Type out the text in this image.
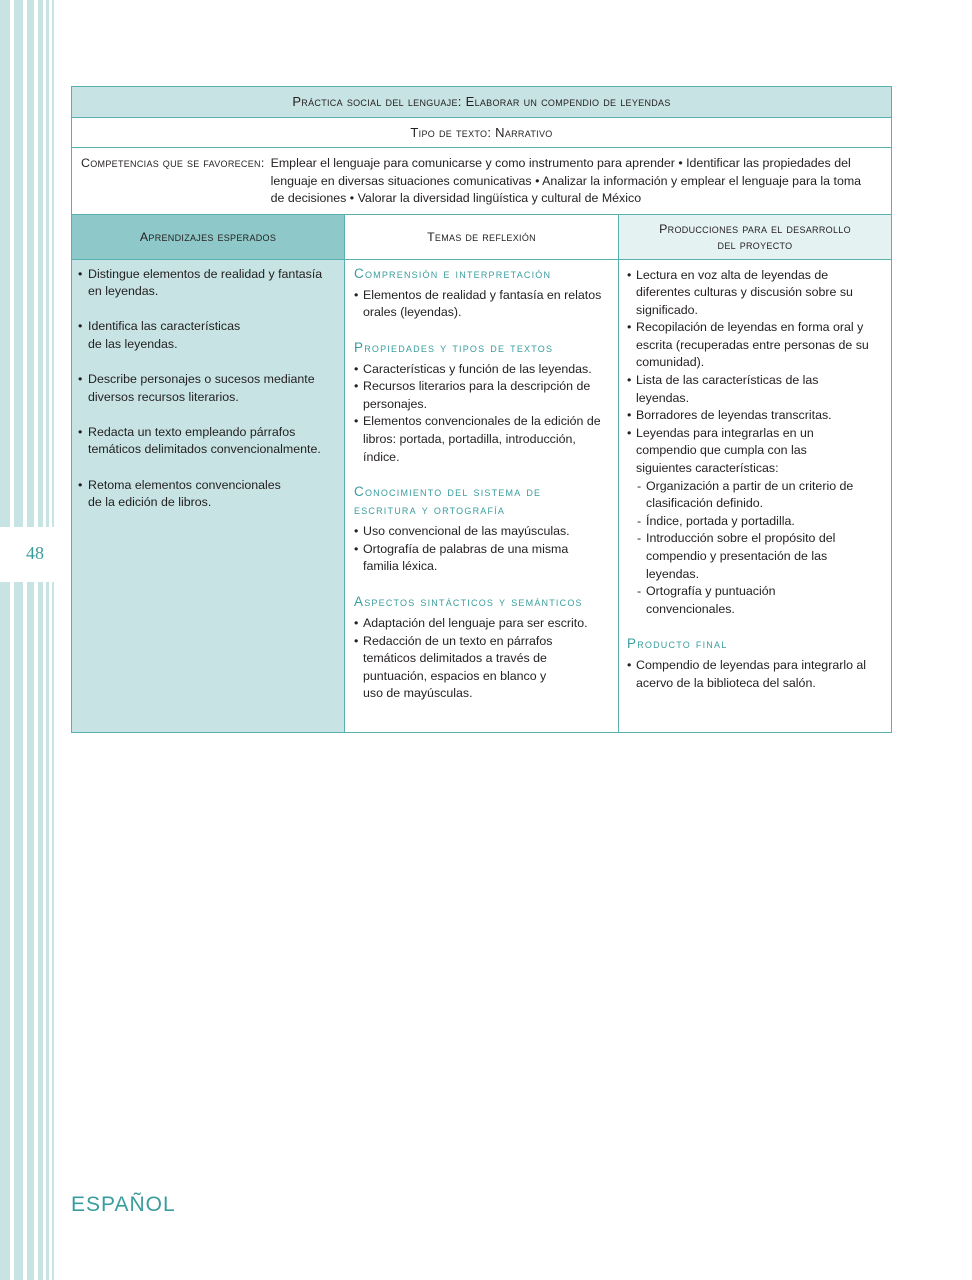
48
Práctica social del lenguaje: Elaborar un compendio de leyendas
Tipo de texto: Narrativo
Competencias que se favorecen: Emplear el lenguaje para comunicarse y como instrumento para aprender • Identificar las propiedades del lenguaje en diversas situaciones comunicativas • Analizar la información y emplear el lenguaje para la toma de decisiones • Valorar la diversidad lingüística y cultural de México
Aprendizajes esperados	Temas de reflexión
Producciones para el desarrollo del proyecto
• Distingue elementos de realidad y fantasía en leyendas.
• Identifica las características de las leyendas.
• Describe personajes o sucesos mediante diversos recursos literarios.
• Redacta un texto empleando párrafos temáticos delimitados convencionalmente.
• Retoma elementos convencionales de la edición de libros.
Comprensión e interpretación
• Elementos de realidad y fantasía en relatos orales (leyendas).
Propiedades y tipos de textos
• Características y función de las leyendas.
• Recursos literarios para la descripción de personajes.
• Elementos convencionales de la edición de libros: portada, portadilla, introducción, índice.
Conocimiento del sistema de escritura y ortografía
• Uso convencional de las mayúsculas.
• Ortografía de palabras de una misma familia léxica.
Aspectos sintácticos y semánticos
• Adaptación del lenguaje para ser escrito.
• Redacción de un texto en párrafos temáticos delimitados a través de puntuación, espacios en blanco y uso de mayúsculas.
• Lectura en voz alta de leyendas de diferentes culturas y discusión sobre su significado.
• Recopilación de leyendas en forma oral y escrita (recuperadas entre personas de su comunidad).
• Lista de las características de las leyendas.
• Borradores de leyendas transcritas.
• Leyendas para integrarlas en un compendio que cumpla con las siguientes características:
- Organización a partir de un criterio de clasificación definido.
- Índice, portada y portadilla.
- Introducción sobre el propósito del compendio y presentación de las leyendas.
- Ortografía y puntuación convencionales.
Producto final
• Compendio de leyendas para integrarlo al acervo de la biblioteca del salón.
ESPAÑOL
